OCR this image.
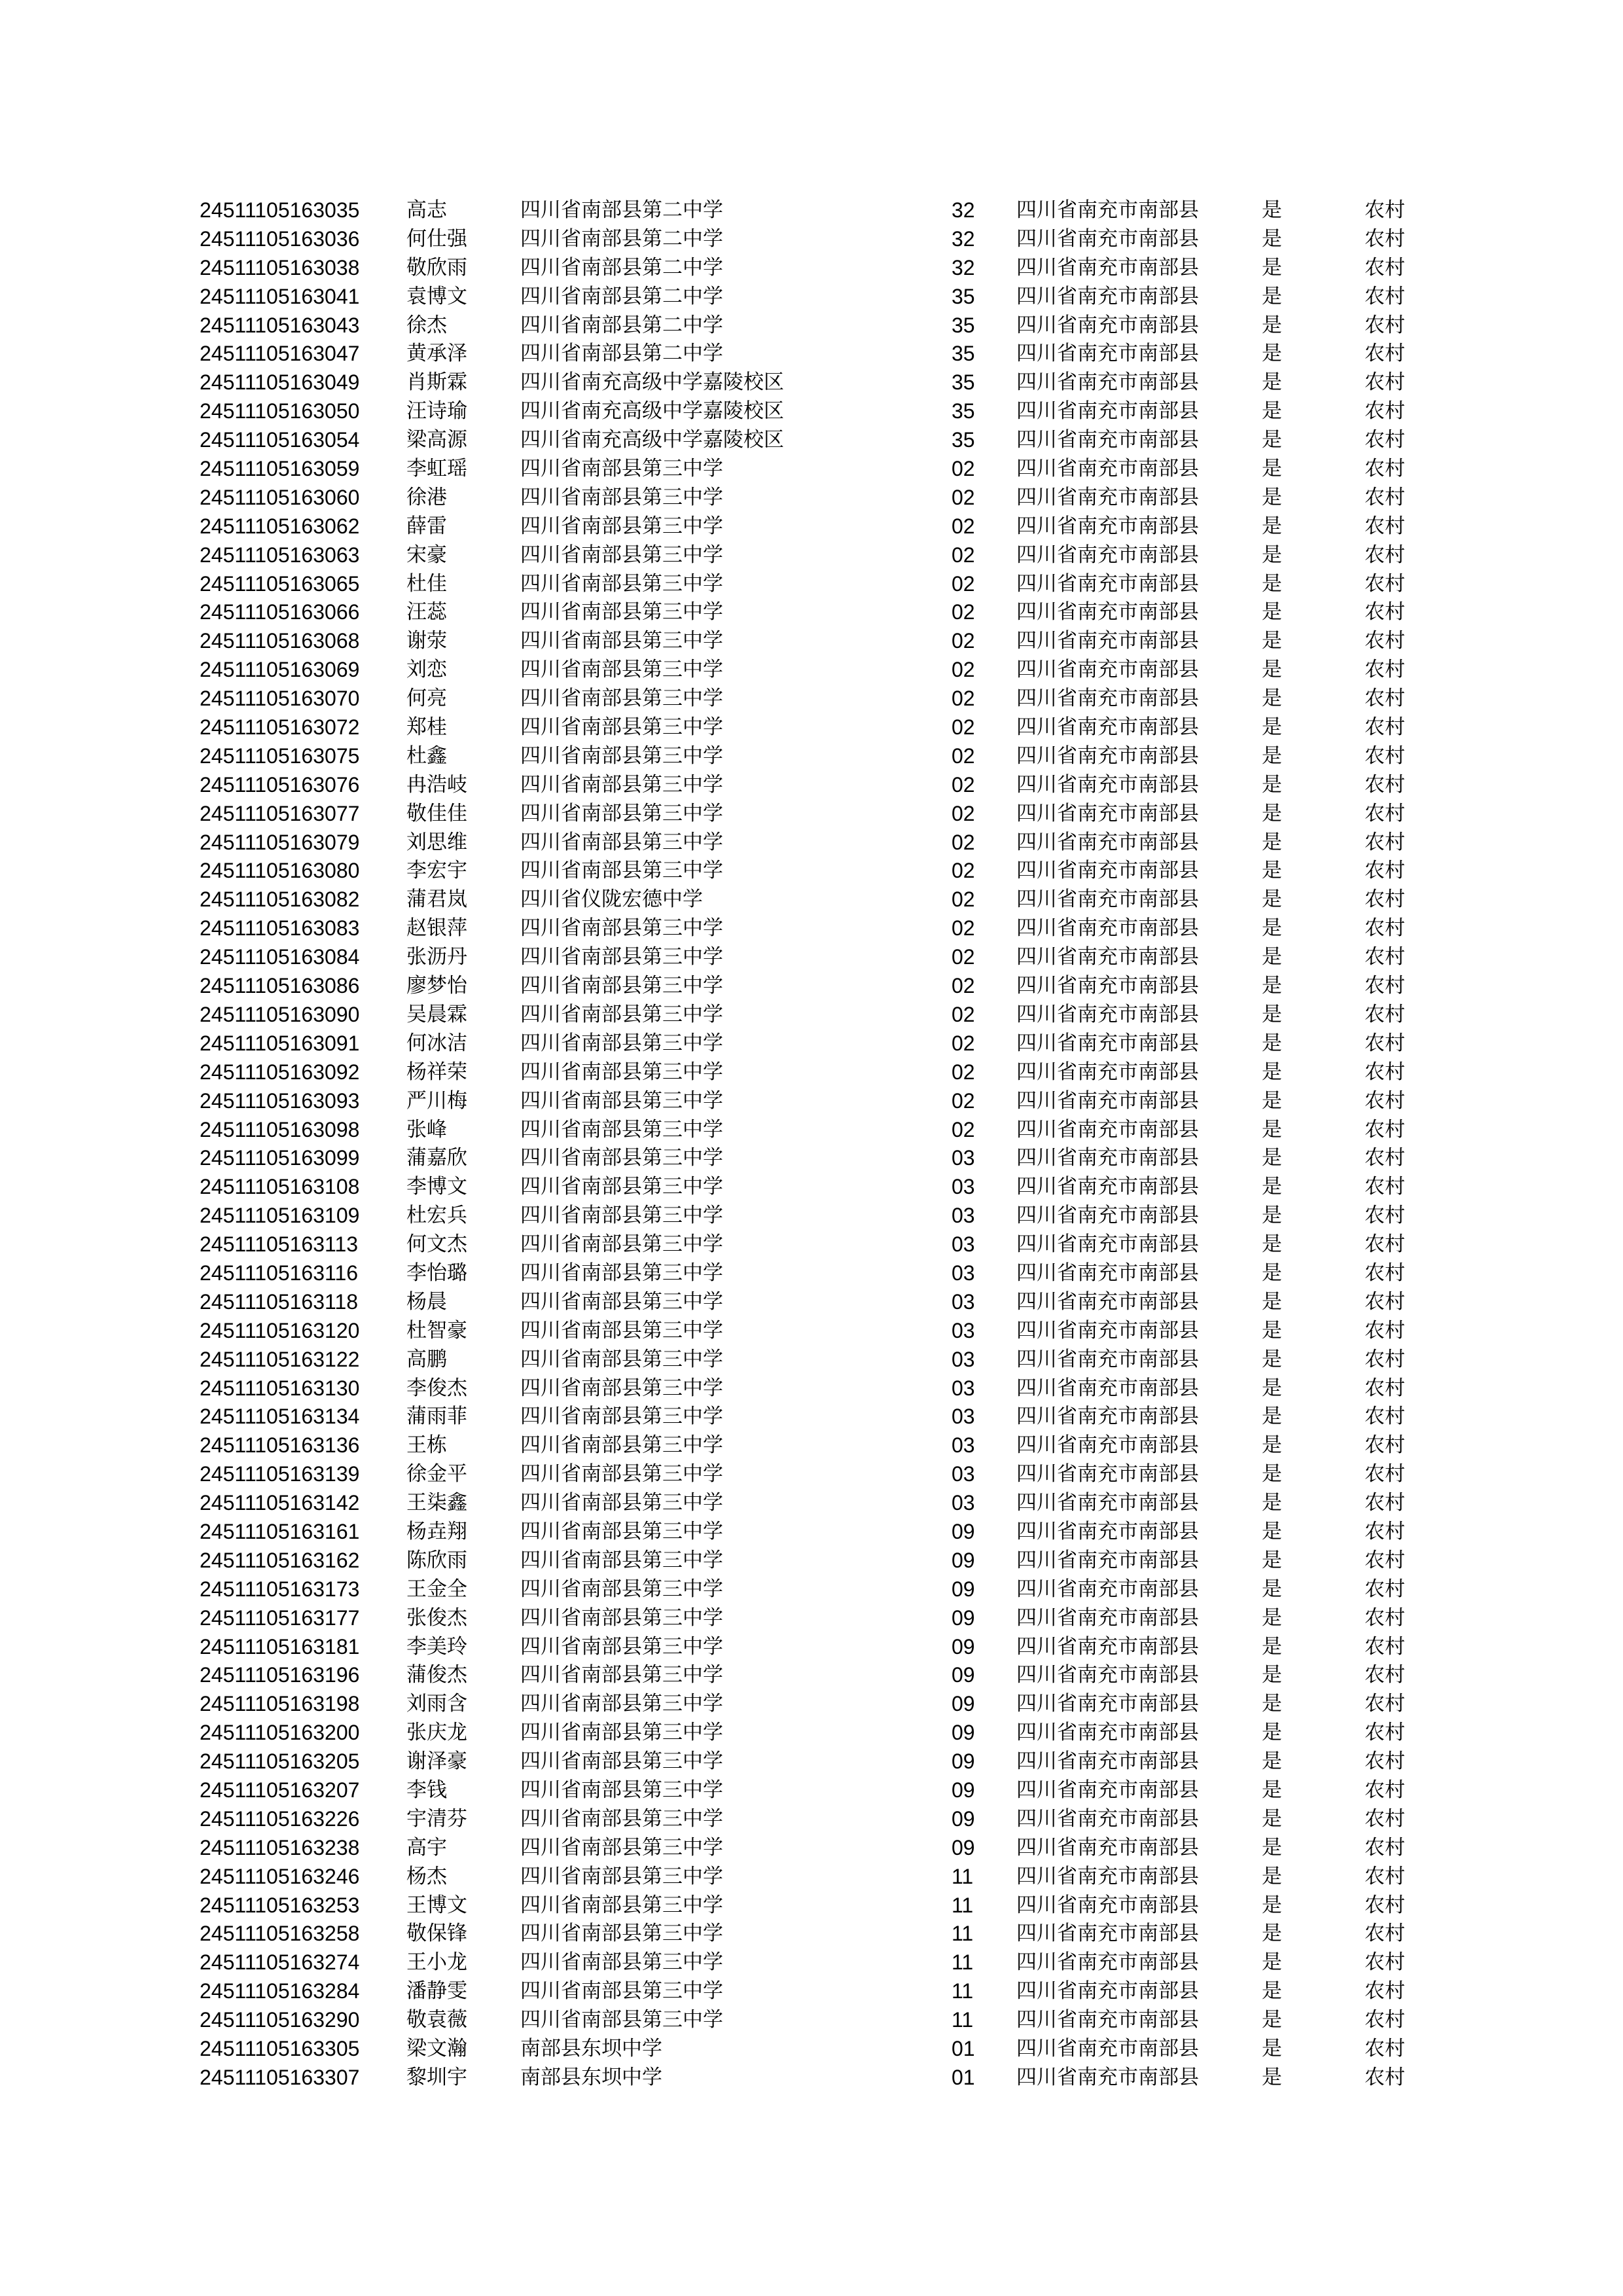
24511105163035 高志	四川省南部县第二中学	32 四川省南充市南部县	是	农村
24511105163036 何仕强	四川省南部县第二中学	32 四川省南充市南部县	是	农村
24511105163038 敬欣雨	四川省南部县第二中学	32 四川省南充市南部县	是	农村
24511105163041 袁博文	四川省南部县第二中学	35 四川省南充市南部县	是	农村
24511105163043 徐杰	四川省南部县第二中学	35 四川省南充市南部县	是	农村
24511105163047 黄承泽	四川省南部县第二中学	35 四川省南充市南部县	是	农村
24511105163049 肖斯霖	四川省南充高级中学嘉陵校区	35 四川省南充市南部县	是	农村
24511105163050 汪诗瑜	四川省南充高级中学嘉陵校区	35 四川省南充市南部县	是	农村
24511105163054 梁高源	四川省南充高级中学嘉陵校区	35 四川省南充市南部县	是	农村
24511105163059 李虹瑶	四川省南部县第三中学	02 四川省南充市南部县	是	农村
24511105163060 徐港	四川省南部县第三中学	02 四川省南充市南部县	是	农村
24511105163062 薛雷	四川省南部县第三中学	02 四川省南充市南部县	是	农村
24511105163063 宋豪	四川省南部县第三中学	02 四川省南充市南部县	是	农村
24511105163065 杜佳	四川省南部县第三中学	02 四川省南充市南部县	是	农村
24511105163066 汪蕊	四川省南部县第三中学	02 四川省南充市南部县	是	农村
24511105163068 谢荥	四川省南部县第三中学	02 四川省南充市南部县	是	农村
24511105163069 刘恋	四川省南部县第三中学	02 四川省南充市南部县	是	农村
24511105163070 何亮	四川省南部县第三中学	02 四川省南充市南部县	是	农村
24511105163072 郑桂	四川省南部县第三中学	02 四川省南充市南部县	是	农村
24511105163075 杜鑫	四川省南部县第三中学	02 四川省南充市南部县	是	农村
24511105163076 冉浩岐	四川省南部县第三中学	02 四川省南充市南部县	是	农村
24511105163077 敬佳佳	四川省南部县第三中学	02 四川省南充市南部县	是	农村
24511105163079 刘思维	四川省南部县第三中学	02 四川省南充市南部县	是	农村
24511105163080 李宏宇	四川省南部县第三中学	02 四川省南充市南部县	是	农村
24511105163082 蒲君岚	四川省仪陇宏德中学	02 四川省南充市南部县	是	农村
24511105163083 赵银萍	四川省南部县第三中学	02 四川省南充市南部县	是	农村
24511105163084 张沥丹	四川省南部县第三中学	02 四川省南充市南部县	是	农村
24511105163086 廖梦怡	四川省南部县第三中学	02 四川省南充市南部县	是	农村
24511105163090 吴晨霖	四川省南部县第三中学	02 四川省南充市南部县	是	农村
24511105163091 何冰洁	四川省南部县第三中学	02 四川省南充市南部县	是	农村
24511105163092 杨祥荣	四川省南部县第三中学	02 四川省南充市南部县	是	农村
24511105163093 严川梅	四川省南部县第三中学	02 四川省南充市南部县	是	农村
24511105163098 张峰	四川省南部县第三中学	02 四川省南充市南部县	是	农村
24511105163099 蒲嘉欣	四川省南部县第三中学	03 四川省南充市南部县	是	农村
24511105163108 李博文	四川省南部县第三中学	03 四川省南充市南部县	是	农村
24511105163109 杜宏兵	四川省南部县第三中学	03 四川省南充市南部县	是	农村
24511105163113 何文杰	四川省南部县第三中学	03 四川省南充市南部县	是	农村
24511105163116 李怡璐	四川省南部县第三中学	03 四川省南充市南部县	是	农村
24511105163118 杨晨	四川省南部县第三中学	03 四川省南充市南部县	是	农村
24511105163120 杜智豪	四川省南部县第三中学	03 四川省南充市南部县	是	农村
24511105163122 高鹏	四川省南部县第三中学	03 四川省南充市南部县	是	农村
24511105163130 李俊杰	四川省南部县第三中学	03 四川省南充市南部县	是	农村
24511105163134 蒲雨菲	四川省南部县第三中学	03 四川省南充市南部县	是	农村
24511105163136 王栋	四川省南部县第三中学	03 四川省南充市南部县	是	农村
24511105163139 徐金平	四川省南部县第三中学	03 四川省南充市南部县	是	农村
24511105163142 王柒鑫	四川省南部县第三中学	03 四川省南充市南部县	是	农村
24511105163161 杨垚翔	四川省南部县第三中学	09 四川省南充市南部县	是	农村
24511105163162 陈欣雨	四川省南部县第三中学	09 四川省南充市南部县	是	农村
24511105163173 王金全	四川省南部县第三中学	09 四川省南充市南部县	是	农村
24511105163177 张俊杰	四川省南部县第三中学	09 四川省南充市南部县	是	农村
24511105163181 李美玲	四川省南部县第三中学	09 四川省南充市南部县	是	农村
24511105163196 蒲俊杰	四川省南部县第三中学	09 四川省南充市南部县	是	农村
24511105163198 刘雨含	四川省南部县第三中学	09 四川省南充市南部县	是	农村
24511105163200 张庆龙	四川省南部县第三中学	09 四川省南充市南部县	是	农村
24511105163205 谢泽豪	四川省南部县第三中学	09 四川省南充市南部县	是	农村
24511105163207 李钱	四川省南部县第三中学	09 四川省南充市南部县	是	农村
24511105163226 宇清芬	四川省南部县第三中学	09 四川省南充市南部县	是	农村
24511105163238 高宇	四川省南部县第三中学	09 四川省南充市南部县	是	农村
24511105163246 杨杰	四川省南部县第三中学	11 四川省南充市南部县	是	农村
24511105163253 王博文	四川省南部县第三中学	11 四川省南充市南部县	是	农村
24511105163258 敬保锋	四川省南部县第三中学	11 四川省南充市南部县	是	农村
24511105163274 王小龙	四川省南部县第三中学	11 四川省南充市南部县	是	农村
24511105163284 潘静雯	四川省南部县第三中学	11 四川省南充市南部县	是	农村
24511105163290 敬袁薇	四川省南部县第三中学	11 四川省南充市南部县	是	农村
24511105163305 梁文瀚	南部县东坝中学	01 四川省南充市南部县	是	农村
24511105163307 黎圳宇	南部县东坝中学	01 四川省南充市南部县	是	农村
